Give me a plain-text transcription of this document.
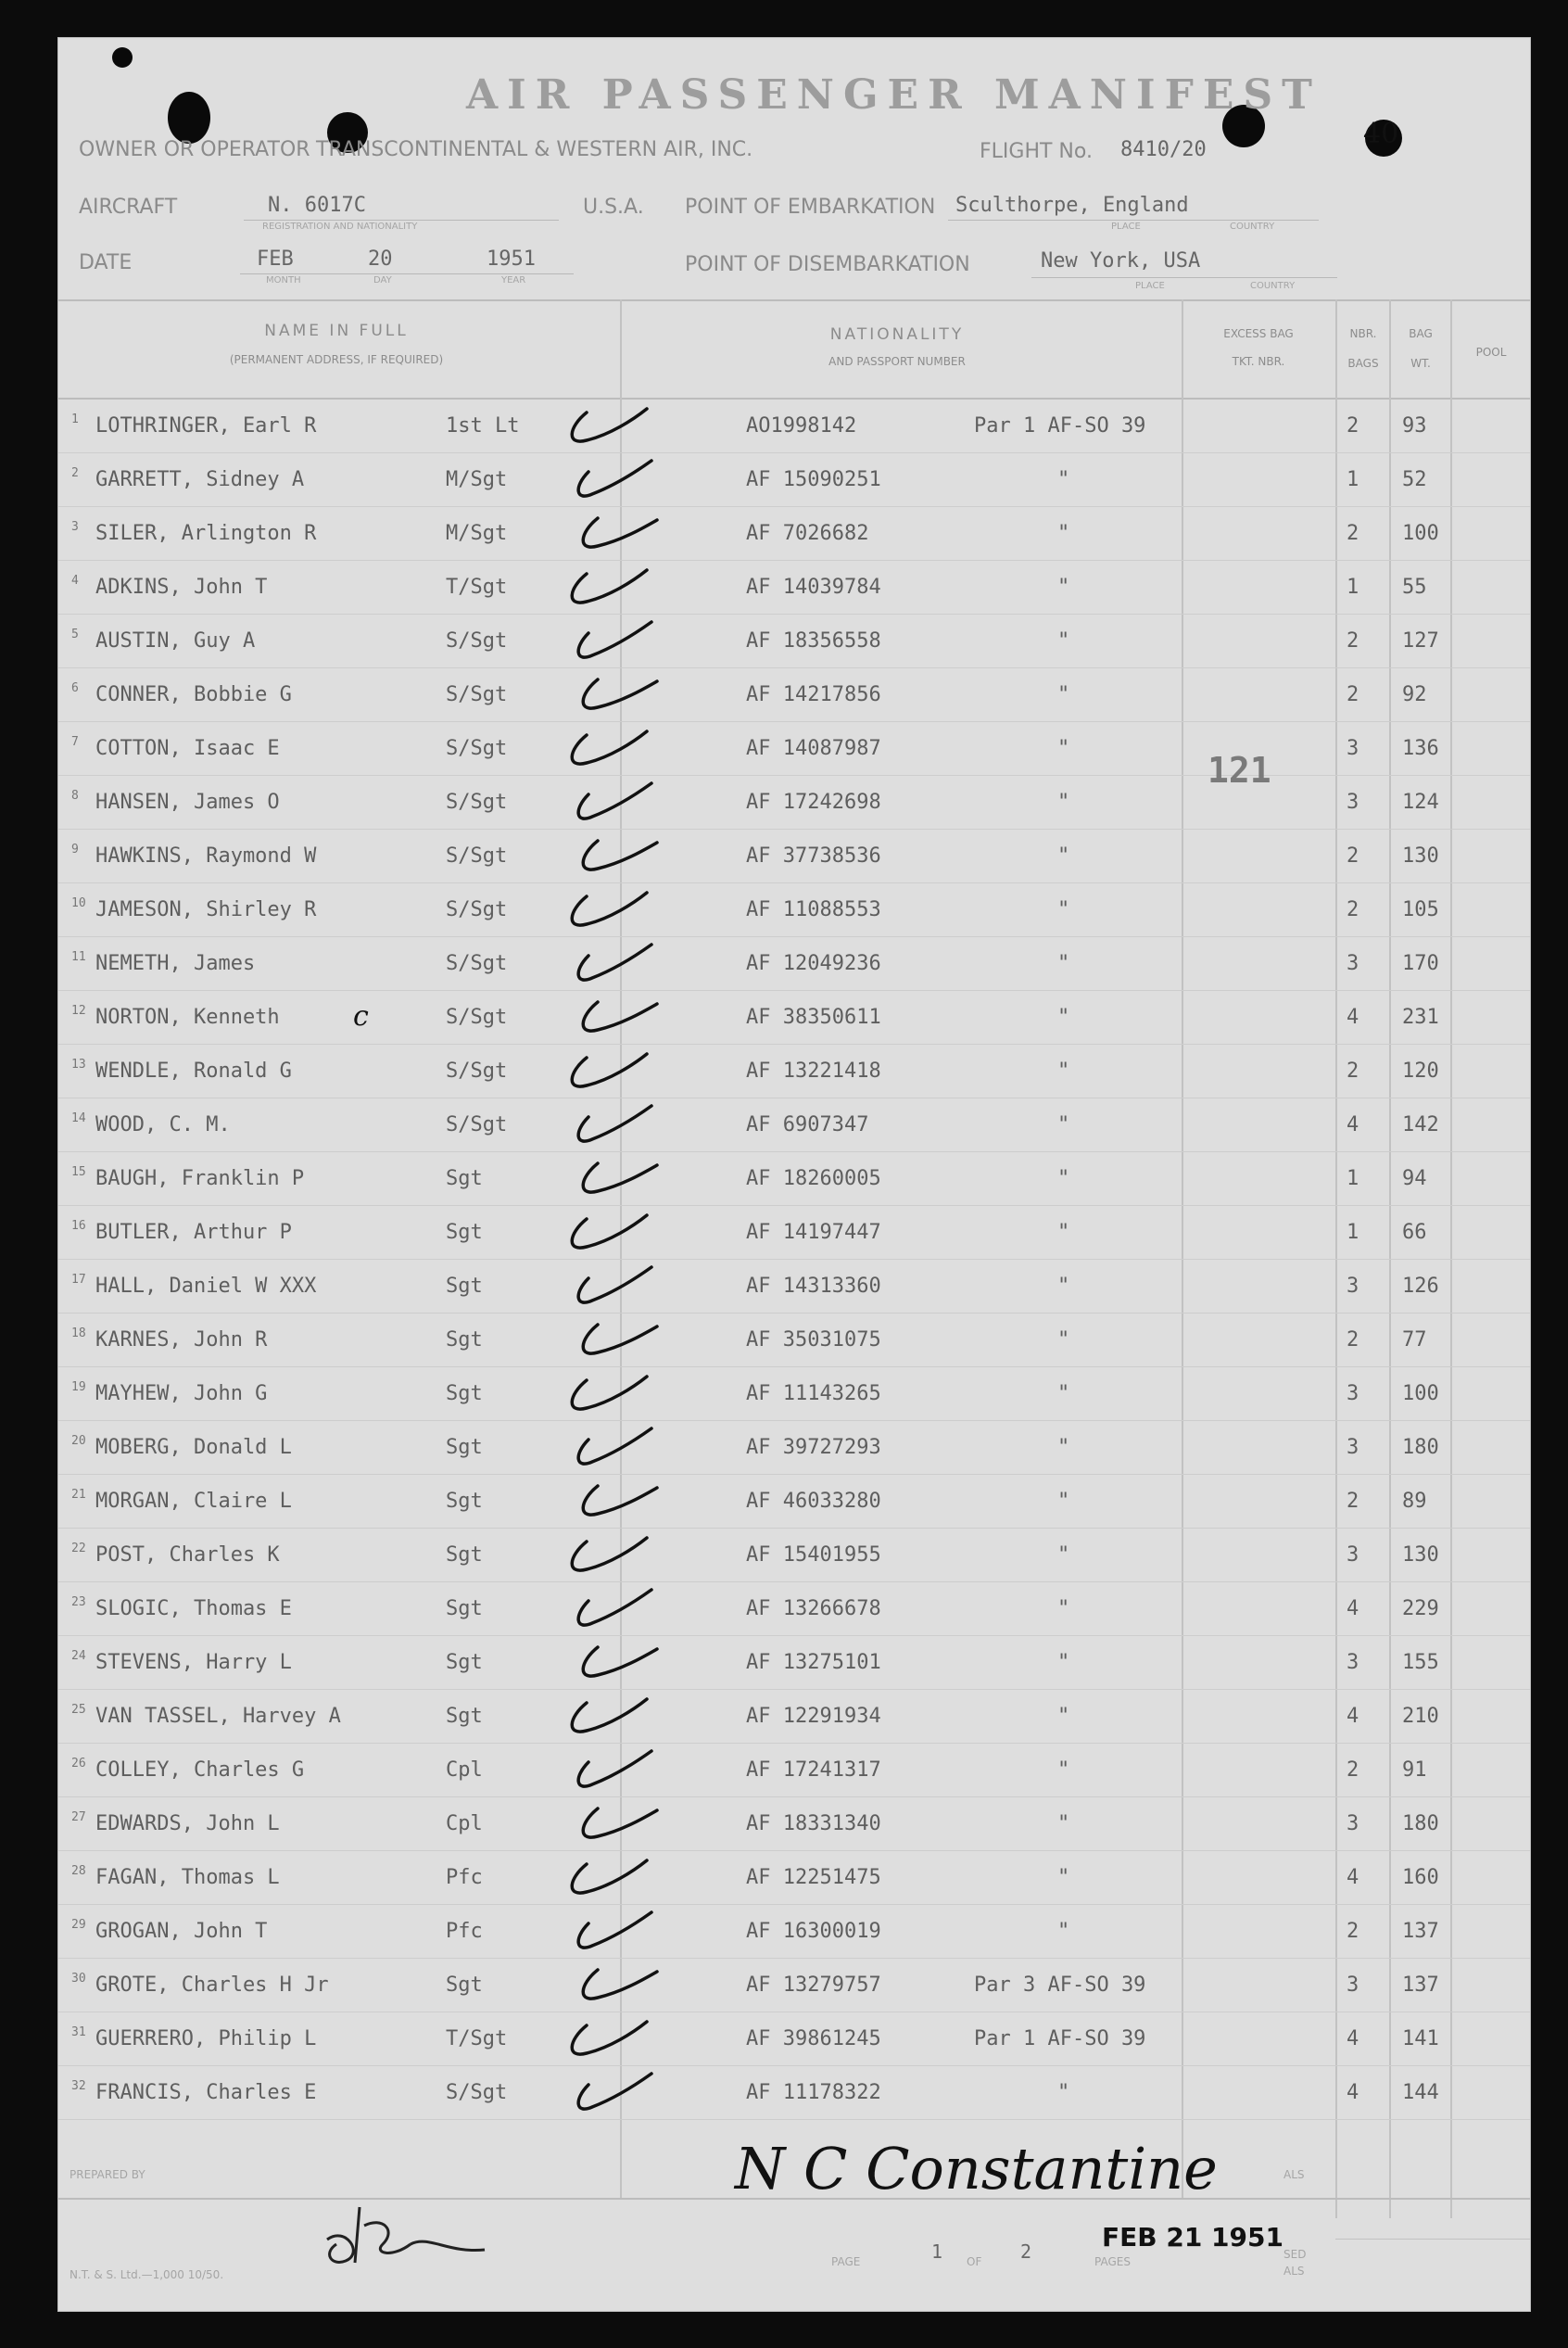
AIR PASSENGER MANIFEST
OWNER OR OPERATOR TRANSCONTINENTAL & WESTERN AIR, INC.	FLIGHT No. 8410/20	40
AIRCRAFT	N. 6017C
REGISTRATION AND NATIONALITY
U.S.A. POINT OF EMBARKATION Sculthorpe, England
PLACE	COUNTRY
DATE	FEB	20	1951
MONTH	DAY	YEAR
POINT OF DISEMBARKATION	New York, USA
PLACE	COUNTRY
NAME IN FULL
(PERMANENT ADDRESS, IF REQUIRED)
NATIONALITY
AND PASSPORT NUMBER
EXCESS BAG
TKT. NBR.
NBR.
BAGS
BAG
WT.
POOL
1 LOTHRINGER, Earl R	1st Lt	AO1998142	Par 1 AF-SO 39	2 93
2 GARRETT, Sidney A	M/Sgt	AF 15090251	"	1 52
3 SILER, Arlington R	M/Sgt	AF 7026682	"	2 100
4 ADKINS, John T	T/Sgt	AF 14039784	"	1 55
5 AUSTIN, Guy A	S/Sgt	AF 18356558	"	2 127
6 CONNER, Bobbie G	S/Sgt	AF 14217856	"	2 92
7 COTTON, Isaac E	S/Sgt	AF 14087987	"	3 136
8 HANSEN, James O	S/Sgt	AF 17242698	"	3 124
9 HAWKINS, Raymond W	S/Sgt	AF 37738536	"	2 130
10 JAMESON, Shirley R	S/Sgt	AF 11088553	"	2 105
11 NEMETH, James	S/Sgt	AF 12049236	"	3 170
12 NORTON, Kenneth	S/Sgt	AF 38350611	"	4 231
13 WENDLE, Ronald G	S/Sgt	AF 13221418	"	2 120
14 WOOD, C. M.	S/Sgt	AF 6907347	"	4 142
15 BAUGH, Franklin P	Sgt	AF 18260005	"	1 94
16 BUTLER, Arthur P	Sgt	AF 14197447	"	1 66
17 HALL, Daniel W XXX	Sgt	AF 14313360	"	3 126
18 KARNES, John R	Sgt	AF 35031075	"	2 77
19 MAYHEW, John G	Sgt	AF 11143265	"	3 100
20 MOBERG, Donald L	Sgt	AF 39727293	"	3 180
21 MORGAN, Claire L	Sgt	AF 46033280	"	2 89
22 POST, Charles K	Sgt	AF 15401955	"	3 130
23 SLOGIC, Thomas E	Sgt	AF 13266678	"	4 229
24 STEVENS, Harry L	Sgt	AF 13275101	"	3 155
25 VAN TASSEL, Harvey A	Sgt	AF 12291934	"	4 210
26 COLLEY, Charles G	Cpl	AF 17241317	"	2 91
27 EDWARDS, John L	Cpl	AF 18331340	"	3 180
28 FAGAN, Thomas L	Pfc	AF 12251475	"	4 160
29 GROGAN, John T	Pfc	AF 16300019	"	2 137
30 GROTE, Charles H Jr	Sgt	AF 13279757	Par 3 AF-SO 39	3 137
31 GUERRERO, Philip L	T/Sgt	AF 39861245	Par 1 AF-SO 39	4 141
32 FRANCIS, Charles E	S/Sgt	AF 11178322	"	4 144
121
c
PREPARED BY	N C Constantine
PAGE	1 OF 2	PAGES
FEB 21 1951
ALS
SED
ALS
N.T. & S. Ltd.—1,000 10/50.
